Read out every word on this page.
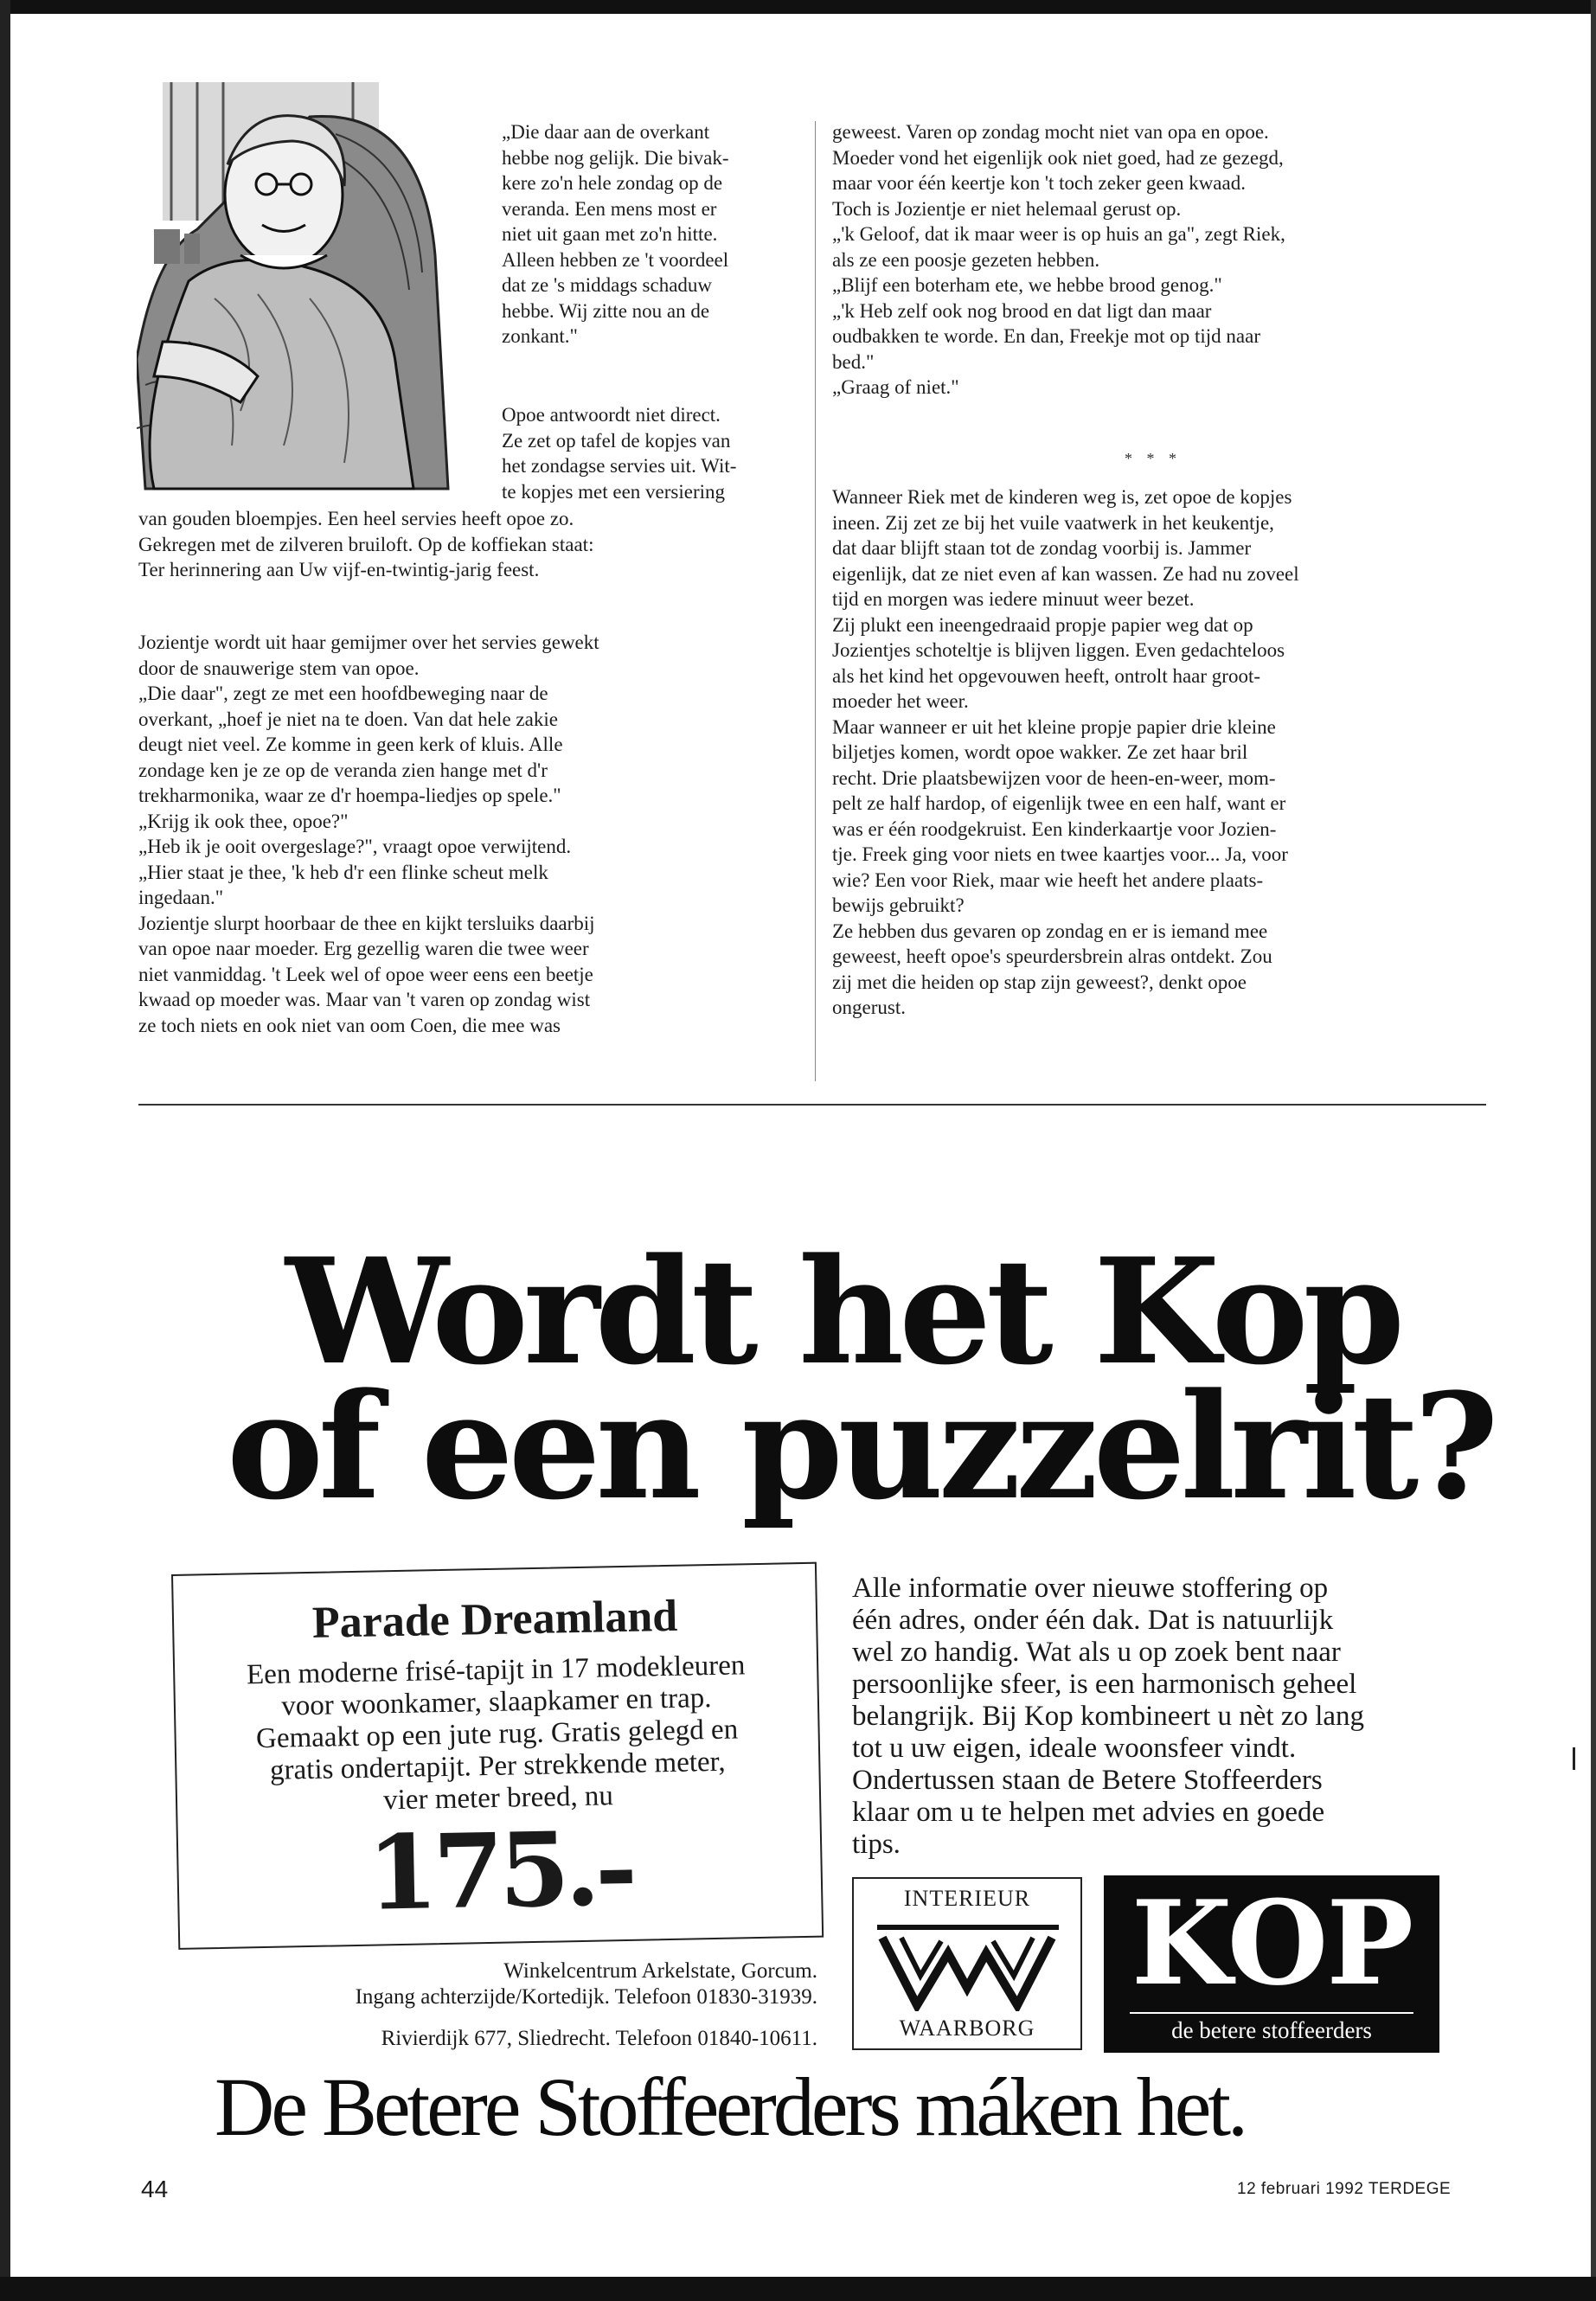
„Die daar aan de overkant
hebbe nog gelijk. Die bivak-
kere zo'n hele zondag op de
veranda. Een mens most er
niet uit gaan met zo'n hitte.
Alleen hebben ze 't voordeel
dat ze 's middags schaduw
hebbe. Wij zitte nou an de
zonkant."

Opoe antwoordt niet direct.
Ze zet op tafel de kopjes van
het zondagse servies uit. Wit-
te kopjes met een versiering

van gouden bloempjes. Een heel servies heeft opoe zo.
Gekregen met de zilveren bruiloft. Op de koffiekan staat:
Ter herinnering aan Uw vijf-en-twintig-jarig feest.

Jozientje wordt uit haar gemijmer over het servies gewekt
door de snauwerige stem van opoe.
„Die daar", zegt ze met een hoofdbeweging naar de
overkant, „hoef je niet na te doen. Van dat hele zakie
deugt niet veel. Ze komme in geen kerk of kluis. Alle
zondage ken je ze op de veranda zien hange met d'r
trekharmonika, waar ze d'r hoempa-liedjes op spele."
„Krijg ik ook thee, opoe?"
„Heb ik je ooit overgeslage?", vraagt opoe verwijtend.
„Hier staat je thee, 'k heb d'r een flinke scheut melk
ingedaan."
Jozientje slurpt hoorbaar de thee en kijkt tersluiks daarbij
van opoe naar moeder. Erg gezellig waren die twee weer
niet vanmiddag. 't Leek wel of opoe weer eens een beetje
kwaad op moeder was. Maar van 't varen op zondag wist
ze toch niets en ook niet van oom Coen, die mee was

geweest. Varen op zondag mocht niet van opa en opoe.
Moeder vond het eigenlijk ook niet goed, had ze gezegd,
maar voor één keertje kon 't toch zeker geen kwaad.
Toch is Jozientje er niet helemaal gerust op.
„'k Geloof, dat ik maar weer is op huis an ga", zegt Riek,
als ze een poosje gezeten hebben.
„Blijf een boterham ete, we hebbe brood genog."
„'k Heb zelf ook nog brood en dat ligt dan maar
oudbakken te worde. En dan, Freekje mot op tijd naar
bed."
„Graag of niet."

* * *

Wanneer Riek met de kinderen weg is, zet opoe de kopjes
ineen. Zij zet ze bij het vuile vaatwerk in het keukentje,
dat daar blijft staan tot de zondag voorbij is. Jammer
eigenlijk, dat ze niet even af kan wassen. Ze had nu zoveel
tijd en morgen was iedere minuut weer bezet.
Zij plukt een ineengedraaid propje papier weg dat op
Jozientjes schoteltje is blijven liggen. Even gedachteloos
als het kind het opgevouwen heeft, ontrolt haar groot-
moeder het weer.
Maar wanneer er uit het kleine propje papier drie kleine
biljetjes komen, wordt opoe wakker. Ze zet haar bril
recht. Drie plaatsbewijzen voor de heen-en-weer, mom-
pelt ze half hardop, of eigenlijk twee en een half, want er
was er één roodgekruist. Een kinderkaartje voor Jozien-
tje. Freek ging voor niets en twee kaartjes voor... Ja, voor
wie? Een voor Riek, maar wie heeft het andere plaats-
bewijs gebruikt?
Ze hebben dus gevaren op zondag en er is iemand mee
geweest, heeft opoe's speurdersbrein alras ontdekt. Zou
zij met die heiden op stap zijn geweest?, denkt opoe
ongerust.

Wordt het Kop

of een puzzelrit?

Parade Dreamland

Een moderne frisé-tapijt in 17 modekleuren
voor woonkamer, slaapkamer en trap.
Gemaakt op een jute rug. Gratis gelegd en
gratis ondertapijt. Per strekkende meter,
vier meter breed, nu

175.-

Winkelcentrum Arkelstate, Gorcum.
Ingang achterzijde/Kortedijk. Telefoon 01830-31939.

Rivierdijk 677, Sliedrecht. Telefoon 01840-10611.

Alle informatie over nieuwe stoffering op
één adres, onder één dak. Dat is natuurlijk
wel zo handig. Wat als u op zoek bent naar
persoonlijke sfeer, is een harmonisch geheel
belangrijk. Bij Kop kombineert u nèt zo lang
tot u uw eigen, ideale woonsfeer vindt.
Ondertussen staan de Betere Stoffeerders
klaar om u te helpen met advies en goede
tips.

INTERIEUR

WAARBORG

KOP

de betere stoffeerders

De Betere Stoffeerders máken het.

44	12 februari 1992 TERDEGE
